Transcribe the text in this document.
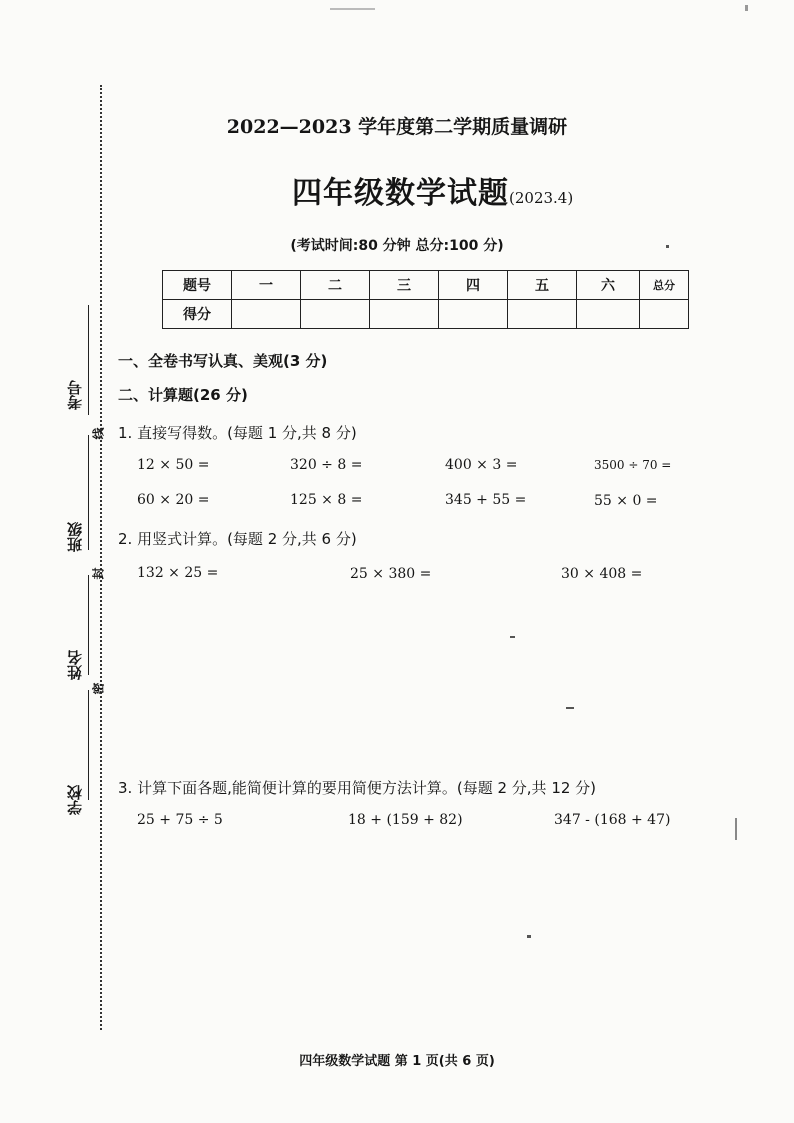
考号
班级
姓名
学校
线
封
密
2022—2023 学年度第二学期质量调研
四年级数学试题(2023.4)
(考试时间:80 分钟 总分:100 分)
题号	一	二	三	四	五	六	总分
得分							
一、全卷书写认真、美观(3 分)
二、计算题(26 分)
1. 直接写得数。(每题 1 分,共 8 分)
12 × 50 =	320 ÷ 8 =	400 × 3 =	3500 ÷ 70 =
60 × 20 =	125 × 8 =	345 + 55 =	55 × 0 =
2. 用竖式计算。(每题 2 分,共 6 分)
132 × 25 =	25 × 380 =	30 × 408 =
3. 计算下面各题,能简便计算的要用简便方法计算。(每题 2 分,共 12 分)
25 + 75 ÷ 5	18 + (159 + 82)	347 - (168 + 47)
四年级数学试题 第 1 页(共 6 页)
